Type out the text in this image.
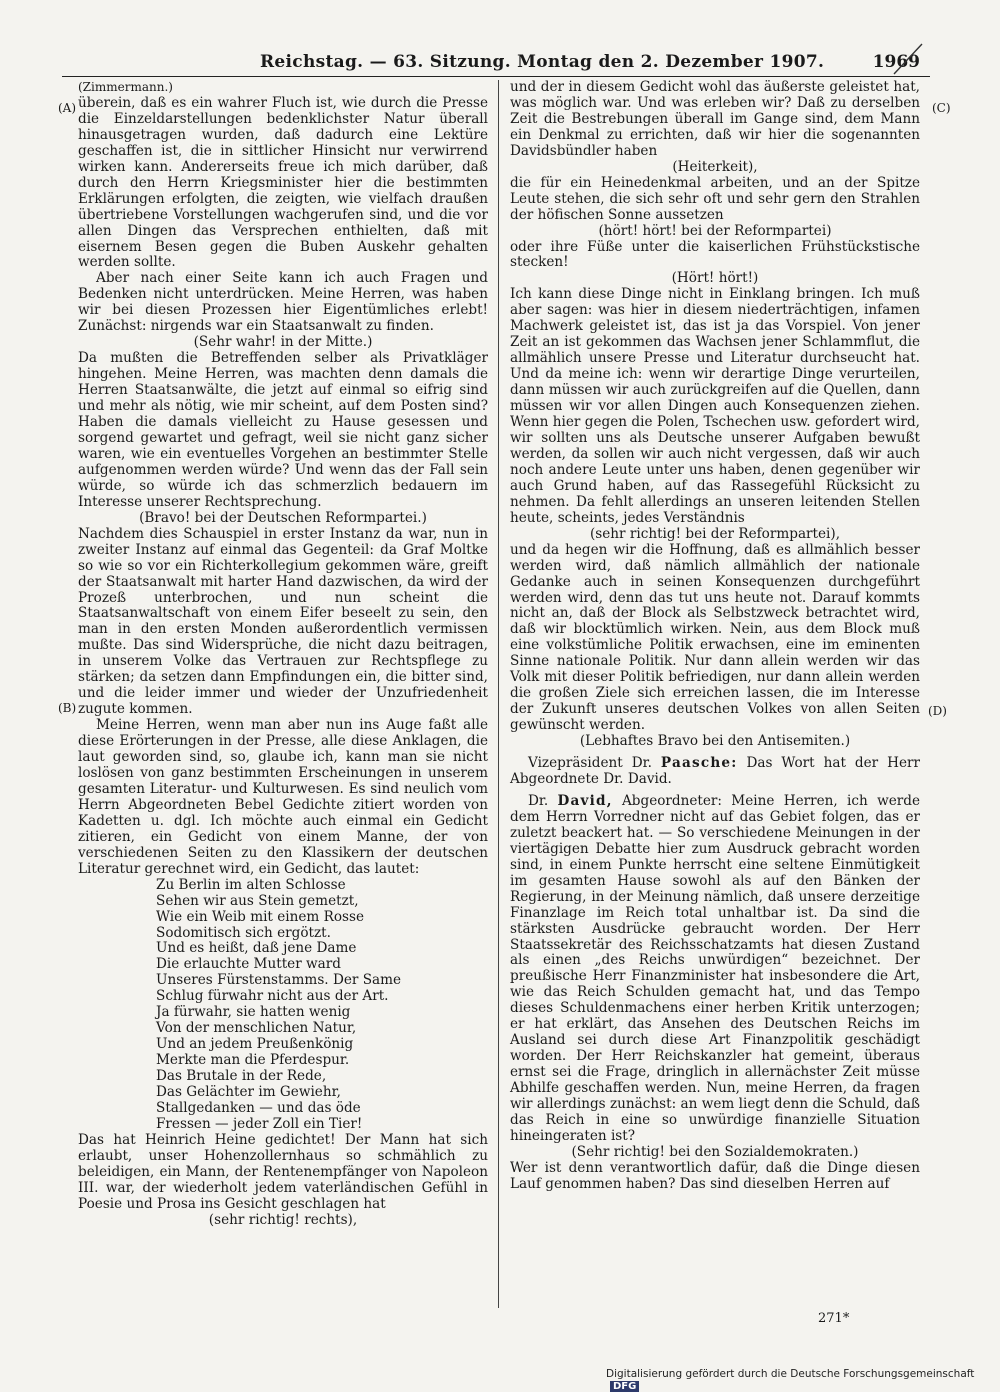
Reichstag. — 63. Sitzung. Montag den 2. Dezember 1907.	1969
(A)
(B)
(C)
(D)

(Zimmermann.)

überein, daß es ein wahrer Fluch ist, wie durch die Presse die Einzeldarstellungen bedenklichster Natur überall hinausgetragen wurden, daß dadurch eine Lektüre geschaffen ist, die in sittlicher Hinsicht nur verwirrend wirken kann. Andererseits freue ich mich darüber, daß durch den Herrn Kriegsminister hier die bestimmten Erklärungen erfolgten, die zeigten, wie vielfach draußen übertriebene Vorstellungen wachgerufen sind, und die vor allen Dingen das Versprechen enthielten, daß mit eisernem Besen gegen die Buben Auskehr gehalten werden sollte.

Aber nach einer Seite kann ich auch Fragen und Bedenken nicht unterdrücken. Meine Herren, was haben wir bei diesen Prozessen hier Eigentümliches erlebt! Zunächst: nirgends war ein Staatsanwalt zu finden.

(Sehr wahr! in der Mitte.)

Da mußten die Betreffenden selber als Privatkläger hingehen. Meine Herren, was machten denn damals die Herren Staatsanwälte, die jetzt auf einmal so eifrig sind und mehr als nötig, wie mir scheint, auf dem Posten sind? Haben die damals vielleicht zu Hause gesessen und sorgend gewartet und gefragt, weil sie nicht ganz sicher waren, wie ein eventuelles Vorgehen an bestimmter Stelle aufgenommen werden würde? Und wenn das der Fall sein würde, so würde ich das schmerzlich bedauern im Interesse unserer Rechtsprechung.

(Bravo! bei der Deutschen Reformpartei.)

Nachdem dies Schauspiel in erster Instanz da war, nun in zweiter Instanz auf einmal das Gegenteil: da Graf Moltke so wie so vor ein Richterkollegium gekommen wäre, greift der Staatsanwalt mit harter Hand dazwischen, da wird der Prozeß unterbrochen, und nun scheint die Staatsanwaltschaft von einem Eifer beseelt zu sein, den man in den ersten Monden außerordentlich vermissen mußte. Das sind Widersprüche, die nicht dazu beitragen, in unserem Volke das Vertrauen zur Rechtspflege zu stärken; da setzen dann Empfindungen ein, die bitter sind, und die leider immer und wieder der Unzufriedenheit zugute kommen.

Meine Herren, wenn man aber nun ins Auge faßt alle diese Erörterungen in der Presse, alle diese Anklagen, die laut geworden sind, so, glaube ich, kann man sie nicht loslösen von ganz bestimmten Erscheinungen in unserem gesamten Literatur- und Kulturwesen. Es sind neulich vom Herrn Abgeordneten Bebel Gedichte zitiert worden von Kadetten u. dgl. Ich möchte auch einmal ein Gedicht zitieren, ein Gedicht von einem Manne, der von verschiedenen Seiten zu den Klassikern der deutschen Literatur gerechnet wird, ein Gedicht, das lautet:

Zu Berlin im alten Schlosse
Sehen wir aus Stein gemetzt,
Wie ein Weib mit einem Rosse
Sodomitisch sich ergötzt.
Und es heißt, daß jene Dame
Die erlauchte Mutter ward
Unseres Fürstenstamms. Der Same
Schlug fürwahr nicht aus der Art.
Ja fürwahr, sie hatten wenig
Von der menschlichen Natur,
Und an jedem Preußenkönig
Merkte man die Pferdespur.
Das Brutale in der Rede,
Das Gelächter im Gewiehr,
Stallgedanken — und das öde
Fressen — jeder Zoll ein Tier!

Das hat Heinrich Heine gedichtet! Der Mann hat sich erlaubt, unser Hohenzollernhaus so schmählich zu beleidigen, ein Mann, der Rentenempfänger von Napoleon III. war, der wiederholt jedem vaterländischen Gefühl in Poesie und Prosa ins Gesicht geschlagen hat

(sehr richtig! rechts),

und der in diesem Gedicht wohl das äußerste geleistet hat, was möglich war. Und was erleben wir? Daß zu derselben Zeit die Bestrebungen überall im Gange sind, dem Mann ein Denkmal zu errichten, daß wir hier die sogenannten Davidsbündler haben

(Heiterkeit),

die für ein Heinedenkmal arbeiten, und an der Spitze Leute stehen, die sich sehr oft und sehr gern den Strahlen der höfischen Sonne aussetzen

(hört! hört! bei der Reformpartei)

oder ihre Füße unter die kaiserlichen Frühstückstische stecken!

(Hört! hört!)

Ich kann diese Dinge nicht in Einklang bringen. Ich muß aber sagen: was hier in diesem niederträchtigen, infamen Machwerk geleistet ist, das ist ja das Vorspiel. Von jener Zeit an ist gekommen das Wachsen jener Schlammflut, die allmählich unsere Presse und Literatur durchseucht hat. Und da meine ich: wenn wir derartige Dinge verurteilen, dann müssen wir auch zurückgreifen auf die Quellen, dann müssen wir vor allen Dingen auch Konsequenzen ziehen. Wenn hier gegen die Polen, Tschechen usw. gefordert wird, wir sollten uns als Deutsche unserer Aufgaben bewußt werden, da sollen wir auch nicht vergessen, daß wir auch noch andere Leute unter uns haben, denen gegenüber wir auch Grund haben, auf das Rassegefühl Rücksicht zu nehmen. Da fehlt allerdings an unseren leitenden Stellen heute, scheints, jedes Verständnis

(sehr richtig! bei der Reformpartei),

und da hegen wir die Hoffnung, daß es allmählich besser werden wird, daß nämlich allmählich der nationale Gedanke auch in seinen Konsequenzen durchgeführt werden wird, denn das tut uns heute not. Darauf kommts nicht an, daß der Block als Selbstzweck betrachtet wird, daß wir blocktümlich wirken. Nein, aus dem Block muß eine volkstümliche Politik erwachsen, eine im eminenten Sinne nationale Politik. Nur dann allein werden wir das Volk mit dieser Politik befriedigen, nur dann allein werden die großen Ziele sich erreichen lassen, die im Interesse der Zukunft unseres deutschen Volkes von allen Seiten gewünscht werden.

(Lebhaftes Bravo bei den Antisemiten.)

Vizepräsident Dr. Paasche: Das Wort hat der Herr Abgeordnete Dr. David.

Dr. David, Abgeordneter: Meine Herren, ich werde dem Herrn Vorredner nicht auf das Gebiet folgen, das er zuletzt beackert hat. — So verschiedene Meinungen in der viertägigen Debatte hier zum Ausdruck gebracht worden sind, in einem Punkte herrscht eine seltene Einmütigkeit im gesamten Hause sowohl als auf den Bänken der Regierung, in der Meinung nämlich, daß unsere derzeitige Finanzlage im Reich total unhaltbar ist. Da sind die stärksten Ausdrücke gebraucht worden. Der Herr Staatssekretär des Reichsschatzamts hat diesen Zustand als einen „des Reichs unwürdigen“ bezeichnet. Der preußische Herr Finanzminister hat insbesondere die Art, wie das Reich Schulden gemacht hat, und das Tempo dieses Schuldenmachens einer herben Kritik unterzogen; er hat erklärt, das Ansehen des Deutschen Reichs im Ausland sei durch diese Art Finanzpolitik geschädigt worden. Der Herr Reichskanzler hat gemeint, überaus ernst sei die Frage, dringlich in allernächster Zeit müsse Abhilfe geschaffen werden. Nun, meine Herren, da fragen wir allerdings zunächst: an wem liegt denn die Schuld, daß das Reich in eine so unwürdige finanzielle Situation hineingeraten ist?

(Sehr richtig! bei den Sozialdemokraten.)

Wer ist denn verantwortlich dafür, daß die Dinge diesen Lauf genommen haben? Das sind dieselben Herren auf

271*
Digitalisierung gefördert durch die Deutsche Forschungsgemeinschaft DFG
